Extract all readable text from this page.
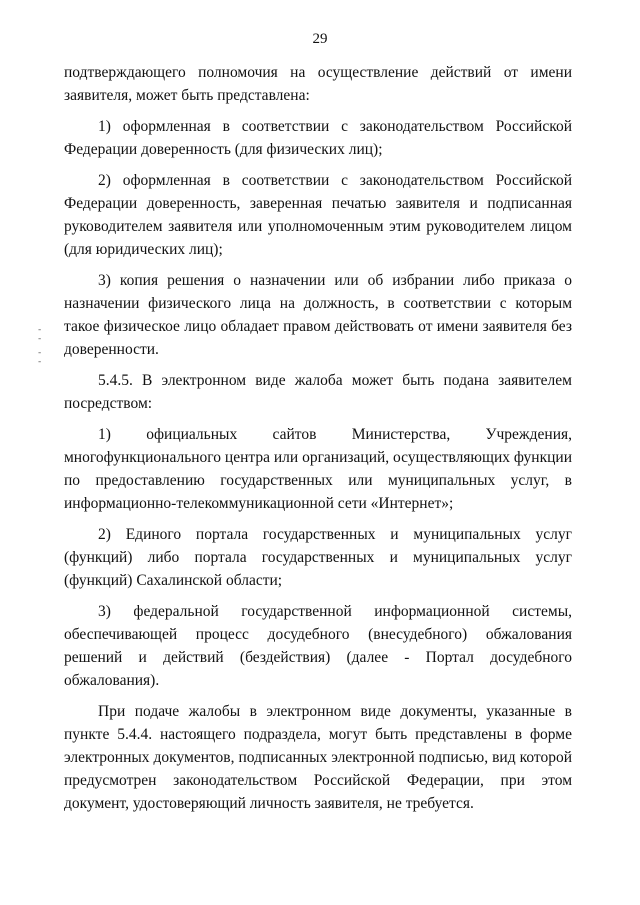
29
-
-
-
-

подтверждающего полномочия на осуществление действий от имени заявителя, может быть представлена:

1) оформленная в соответствии с законодательством Российской Федерации доверенность (для физических лиц);

2) оформленная в соответствии с законодательством Российской Федерации доверенность, заверенная печатью заявителя и подписанная руководителем заявителя или уполномоченным этим руководителем лицом (для юридических лиц);

3) копия решения о назначении или об избрании либо приказа о назначении физического лица на должность, в соответствии с которым такое физическое лицо обладает правом действовать от имени заявителя без доверенности.

5.4.5. В электронном виде жалоба может быть подана заявителем посредством:

1) официальных сайтов Министерства, Учреждения, многофункционального центра или организаций, осуществляющих функции по предоставлению государственных или муниципальных услуг, в информационно-телекоммуникационной сети «Интернет»;

2) Единого портала государственных и муниципальных услуг (функций) либо портала государственных и муниципальных услуг (функций) Сахалинской области;

3) федеральной государственной информационной системы, обеспечивающей процесс досудебного (внесудебного) обжалования решений и действий (бездействия) (далее - Портал досудебного обжалования).

При подаче жалобы в электронном виде документы, указанные в пункте 5.4.4. настоящего подраздела, могут быть представлены в форме электронных документов, подписанных электронной подписью, вид которой предусмотрен законодательством Российской Федерации, при этом документ, удостоверяющий личность заявителя, не требуется.
